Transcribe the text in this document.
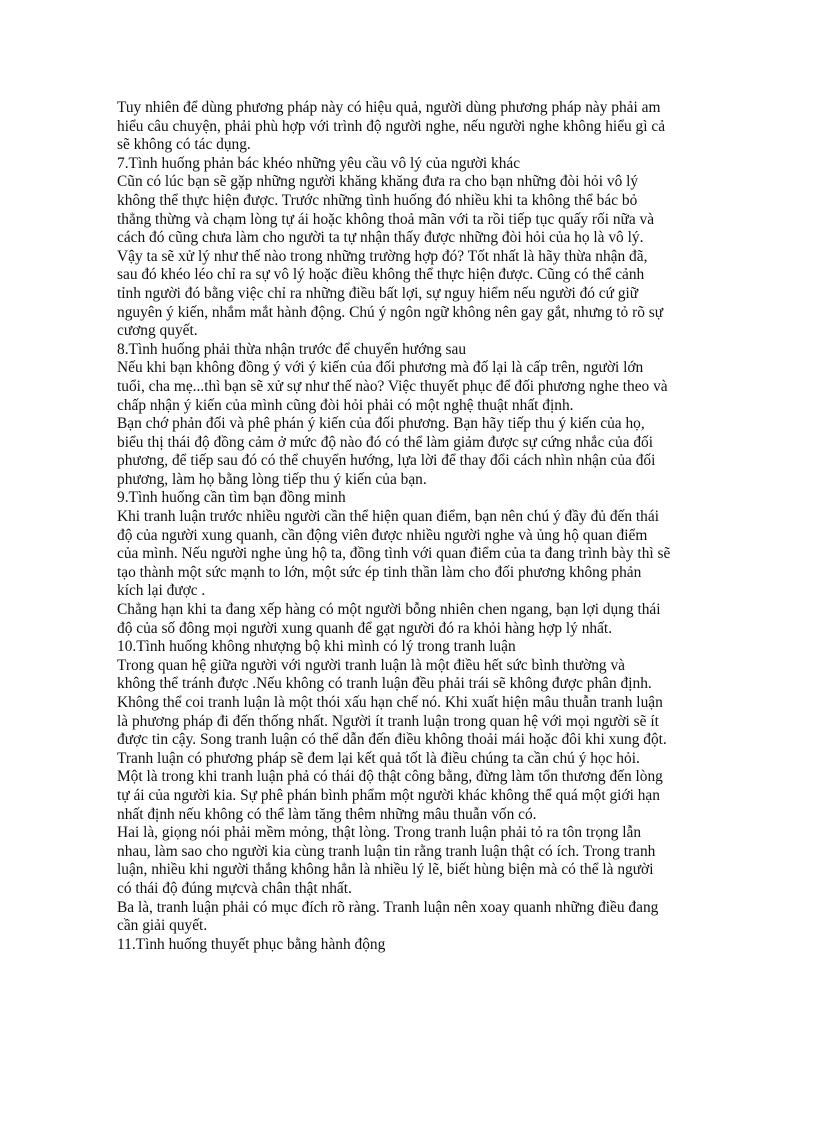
Tuy nhiên để dùng phương pháp này có hiệu quả, người dùng phương pháp này phải am
hiểu câu chuyện, phải phù hợp với trình độ người nghe, nếu người nghe không hiểu gì cả
sẽ không có tác dụng.
7.Tình huống phản bác khéo những yêu cầu vô lý của người khác
Cũn có lúc bạn sẽ gặp những người khăng khăng đưa ra cho bạn những đòi hỏi vô lý
không thể thực hiện được. Trước những tình huống đó nhiều khi ta không thể bác bỏ
thẳng thừng và chạm lòng tự ái hoặc không thoả mãn với ta rồi tiếp tục quấy rối nữa và
cách đó cũng chưa làm cho người ta tự nhận thấy được những đòi hỏi của họ là vô lý.
Vậy ta sẽ xử lý như thế nào trong những trường hợp đó? Tốt nhất là hãy thừa nhận đã,
sau đó khéo léo chỉ ra sự vô lý hoặc điều không thể thực hiện được. Cũng có thể cảnh
tỉnh người đó bằng việc chỉ ra những điều bất lợi, sự nguy hiểm nếu người đó cứ giữ
nguyên ý kiến, nhắm mắt hành động. Chú ý ngôn ngữ không nên gay gắt, nhưng tỏ rõ sự
cương quyết.
8.Tình huống phải thừa nhận trước để chuyển hướng sau
Nếu khi bạn không đồng ý với ý kiến của đối phương mà đố lại là cấp trên, người lớn
tuổi, cha mẹ...thì bạn sẽ xử sự như thế nào? Việc thuyết phục để đối phương nghe theo và
chấp nhận ý kiến của mình cũng đòi hỏi phải có một nghệ thuật nhất định.
Bạn chớ phản đối và phê phán ý kiến của đối phương. Bạn hãy tiếp thu ý kiến của họ,
biểu thị thái độ đồng cảm ở mức độ nào đó có thể làm giảm được sự cứng nhắc của đối
phương, để tiếp sau đó có thể chuyển hướng, lựa lời để thay đổi cách nhìn nhận của đối
phương, làm họ bằng lòng tiếp thu ý kiến của bạn.
9.Tình huống cần tìm bạn đồng minh
Khi tranh luận trước nhiều người cần thể hiện quan điểm, bạn nên chú ý đầy đủ đến thái
độ của người xung quanh, cần động viên được nhiều người nghe và ủng hộ quan điểm
của mình. Nếu người nghe ủng hộ ta, đồng tình với quan điểm của ta đang trình bày thì sẽ
tạo thành một sức mạnh to lớn, một sức ép tinh thần làm cho đối phương không phản
kích lại được .
Chẳng hạn khi ta đang xếp hàng có một người bỗng nhiên chen ngang, bạn lợi dụng thái
độ của số đông mọi người xung quanh để gạt người đó ra khỏi hàng hợp lý nhất.
10.Tình huống không nhượng bộ khi mình có lý trong tranh luận
Trong quan hệ giữa người với người tranh luận là một điều hết sức bình thường và
không thể tránh được .Nếu không có tranh luận đều phải trái sẽ không được phân định.
Không thể coi tranh luận là một thói xấu hạn chế nó. Khi xuất hiện mâu thuẫn tranh luận
là phương pháp đi đến thống nhất. Người ít tranh luận trong quan hệ với mọi người sẽ ít
được tin cậy. Song tranh luận có thể dẫn đến điều không thoải mái hoặc đôi khi xung đột.
Tranh luận có phương pháp sẽ đem lại kết quả tốt là điều chúng ta cần chú ý học hỏi.
Một là trong khi tranh luận phả có thái độ thật công bằng, đừng làm tổn thương đến lòng
tự ái của người kia. Sự phê phán bình phẩm một người khác không thể quá một giới hạn
nhất định nếu không có thể làm tăng thêm những mâu thuẫn vốn có.
Hai là, giọng nói phải mềm mỏng, thật lòng. Trong tranh luận phải tỏ ra tôn trọng lẫn
nhau, làm sao cho người kia cùng tranh luận tin rằng tranh luận thật có ích. Trong tranh
luận, nhiều khi người thắng không hẳn là nhiều lý lẽ, biết hùng biện mà có thể là người
có thái độ đúng mựcvà chân thật nhất.
Ba là, tranh luận phải có mục đích rõ ràng. Tranh luận nên xoay quanh những điều đang
cần giải quyết.
11.Tình huống thuyết phục bằng hành động
